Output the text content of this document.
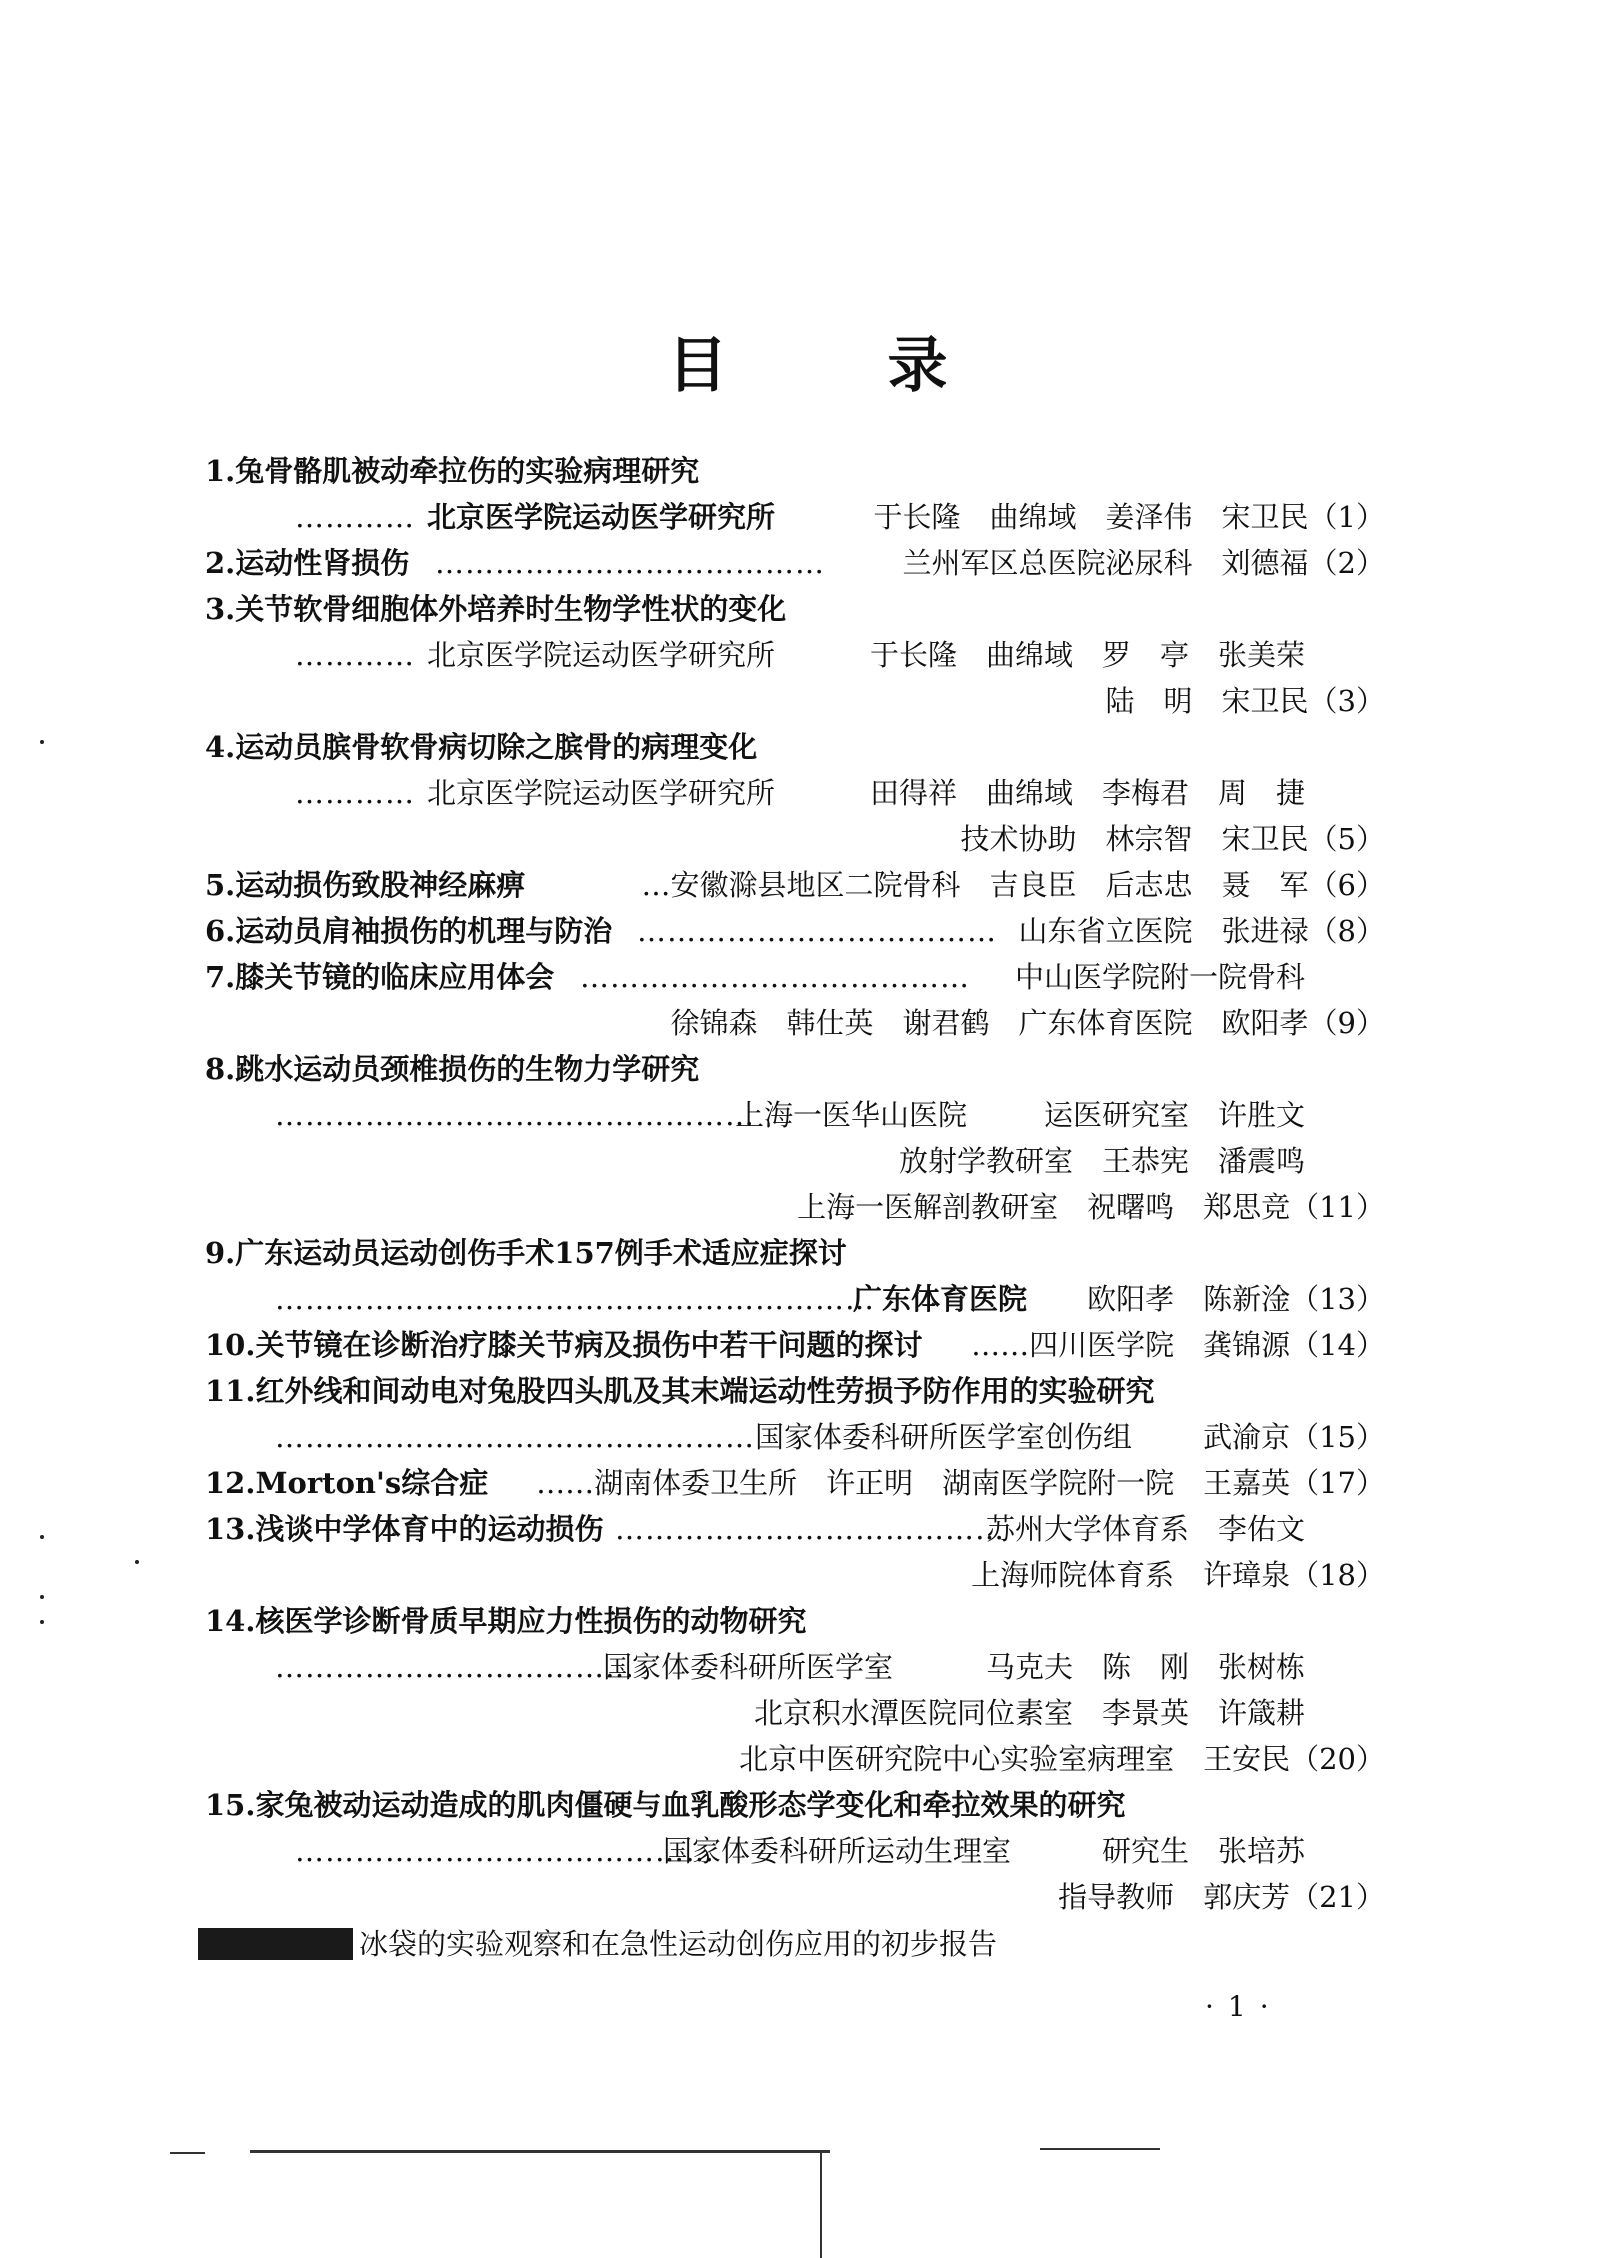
目录
1.兔骨骼肌被动牵拉伤的实验病理研究
………… 北京医学院运动医学研究所	于长隆　曲绵域　姜泽伟　宋卫民（1）
2.运动性肾损伤 …………………………………	兰州军区总医院泌尿科　刘德福（2）
3.关节软骨细胞体外培养时生物学性状的变化
………… 北京医学院运动医学研究所	于长隆　曲绵域　罗　亭　张美荣
陆　明　宋卫民（3）
4.运动员膑骨软骨病切除之膑骨的病理变化
………… 北京医学院运动医学研究所	田得祥　曲绵域　李梅君　周　捷
技术协助　林宗智　宋卫民（5）
5.运动损伤致股神经麻痹	…安徽滁县地区二院骨科　吉良臣　后志忠　聂　军（6）
6.运动员肩袖损伤的机理与防治 ……………………………… 山东省立医院　张进禄（8）
7.膝关节镜的临床应用体会 ………………………………… 中山医学院附一院骨科
徐锦森　韩仕英　谢君鹤　广东体育医院　欧阳孝（9）
8.跳水运动员颈椎损伤的生物力学研究
…………………………………………
上海一医华山医院	运医研究室　许胜文
放射学教研室　王恭宪　潘震鸣
上海一医解剖教研室　祝曙鸣　郑思竞（11）
9.广东运动员运动创伤手术157例手术适应症探讨
……………………………………………………
广东体育医院 欧阳孝　陈新淦（13）
10.关节镜在诊断治疗膝关节病及损伤中若干问题的探讨 ……四川医学院　龚锦源（14）
11.红外线和间动电对兔股四头肌及其末端运动性劳损予防作用的实验研究
………………………………………… 国家体委科研所医学室创伤组 武渝京（15）
12.Morton's综合症 ……湖南体委卫生所　许正明　湖南医学院附一院　王嘉英（17）
13.浅谈中学体育中的运动损伤 …………………………………
苏州大学体育系　李佑文
上海师院体育系　许璋泉（18）
14.核医学诊断骨质早期应力性损伤的动物研究
………………………………
国家体委科研所医学室	马克夫　陈　刚　张树栋
北京积水潭医院同位素室　李景英　许箴耕
北京中医研究院中心实验室病理室　王安民（20）
15.家兔被动运动造成的肌肉僵硬与血乳酸形态学变化和牵拉效果的研究
……………………………………
国家体委科研所运动生理室	研究生　张培苏
指导教师　郭庆芳（21）
冰袋的实验观察和在急性运动创伤应用的初步报告
·1·
